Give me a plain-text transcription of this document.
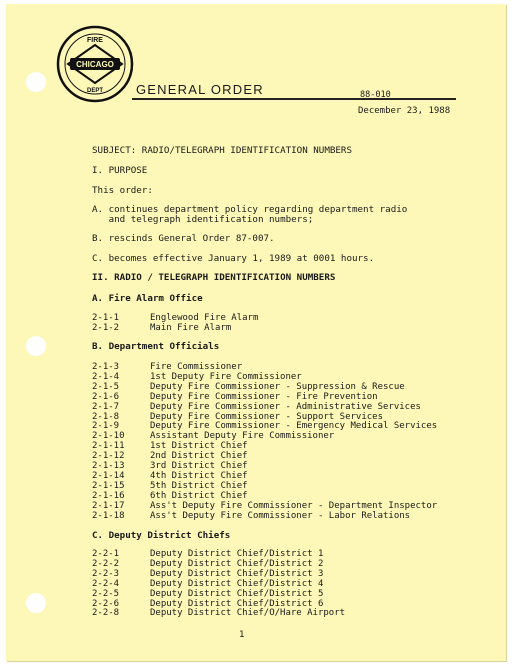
CHICAGO
FIRE
DEPT	GENERAL ORDER	88-010
December 23, 1988
SUBJECT: RADIO/TELEGRAPH IDENTIFICATION NUMBERS
I. PURPOSE
This order:
A. continues department policy regarding department radio
and telegraph identification numbers;
B. rescinds General Order 87-007.
C. becomes effective January 1, 1989 at 0001 hours.
II. RADIO / TELEGRAPH IDENTIFICATION NUMBERS
A. Fire Alarm Office
2-1-1	Englewood Fire Alarm
2-1-2	Main Fire Alarm
B. Department Officials
2-1-3	Fire Commissioner
2-1-4	1st Deputy Fire Commissioner
2-1-5	Deputy Fire Commissioner - Suppression & Rescue
2-1-6	Deputy Fire Commissioner - Fire Prevention
2-1-7	Deputy Fire Commissioner - Administrative Services
2-1-8	Deputy Fire Commissioner - Support Services
2-1-9	Deputy Fire Commissioner - Emergency Medical Services
2-1-10	Assistant Deputy Fire Commissioner
2-1-11	1st District Chief
2-1-12	2nd District Chief
2-1-13	3rd District Chief
2-1-14	4th District Chief
2-1-15	5th District Chief
2-1-16	6th District Chief
2-1-17	Ass't Deputy Fire Commissioner - Department Inspector
2-1-18	Ass't Deputy Fire Commissioner - Labor Relations
C. Deputy District Chiefs
2-2-1	Deputy District Chief/District 1
2-2-2	Deputy District Chief/District 2
2-2-3	Deputy District Chief/District 3
2-2-4	Deputy District Chief/District 4
2-2-5	Deputy District Chief/District 5
2-2-6	Deputy District Chief/District 6
2-2-8	Deputy District Chief/O/Hare Airport
1
